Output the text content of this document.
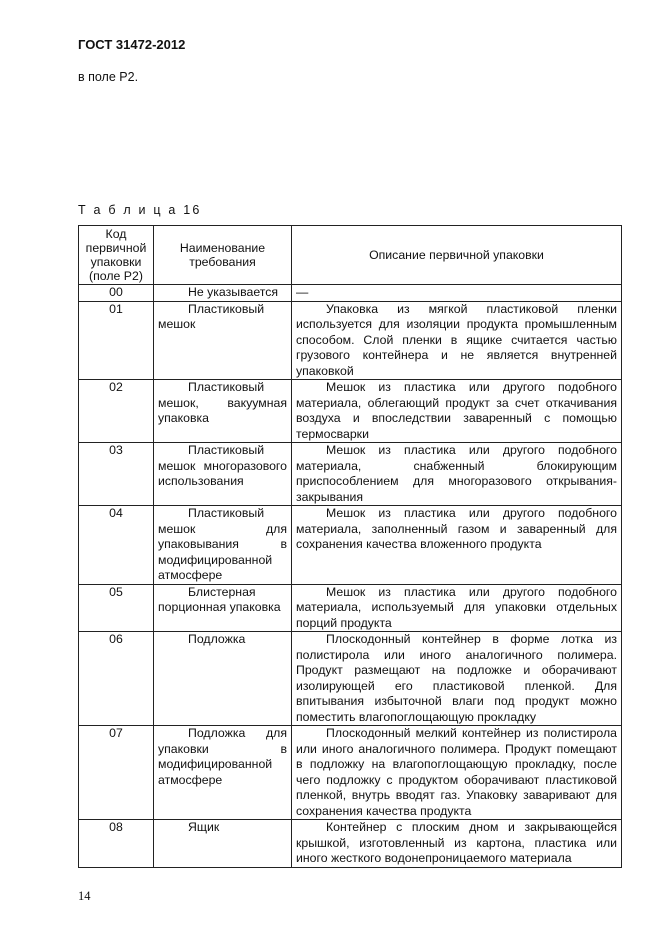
ГОСТ 31472-2012
в поле Р2.
Т а б л и ц а 16
Код первичной упаковки (поле Р2)	Наименование требования	Описание первичной упаковки
00	Не указывается	—
01	Пластиковый мешок	Упаковка из мягкой пластиковой пленки используется для изоляции продукта промышленным способом. Слой пленки в ящике считается частью грузового контейнера и не является внутренней упаковкой
02	Пластиковый мешок, вакуумная упаковка	Мешок из пластика или другого подобного материала, облегающий продукт за счет откачивания воздуха и впоследствии заваренный с помощью термосварки
03	Пластиковый мешок многоразового использования	Мешок из пластика или другого подобного материала, снабженный блокирующим приспособлением для многоразового открывания-закрывания
04	Пластиковый мешок для упаковывания в модифицированной атмосфере	Мешок из пластика или другого подобного материала, заполненный газом и заваренный для сохранения качества вложенного продукта
05	Блистерная порционная упаковка	Мешок из пластика или другого подобного материала, используемый для упаковки отдельных порций продукта
06	Подложка	Плоскодонный контейнер в форме лотка из полистирола или иного аналогичного полимера. Продукт размещают на подложке и оборачивают изолирующей его пластиковой пленкой. Для впитывания избыточной влаги под продукт можно поместить влагопоглощающую прокладку
07	Подложка для упаковки в модифицированной атмосфере	Плоскодонный мелкий контейнер из полистирола или иного аналогичного полимера. Продукт помещают в подложку на влагопоглощающую прокладку, после чего подложку с продуктом оборачивают пластиковой пленкой, внутрь вводят газ. Упаковку заваривают для сохранения качества продукта
08	Ящик	Контейнер с плоским дном и закрывающейся крышкой, изготовленный из картона, пластика или иного жесткого водонепроницаемого материала
14
